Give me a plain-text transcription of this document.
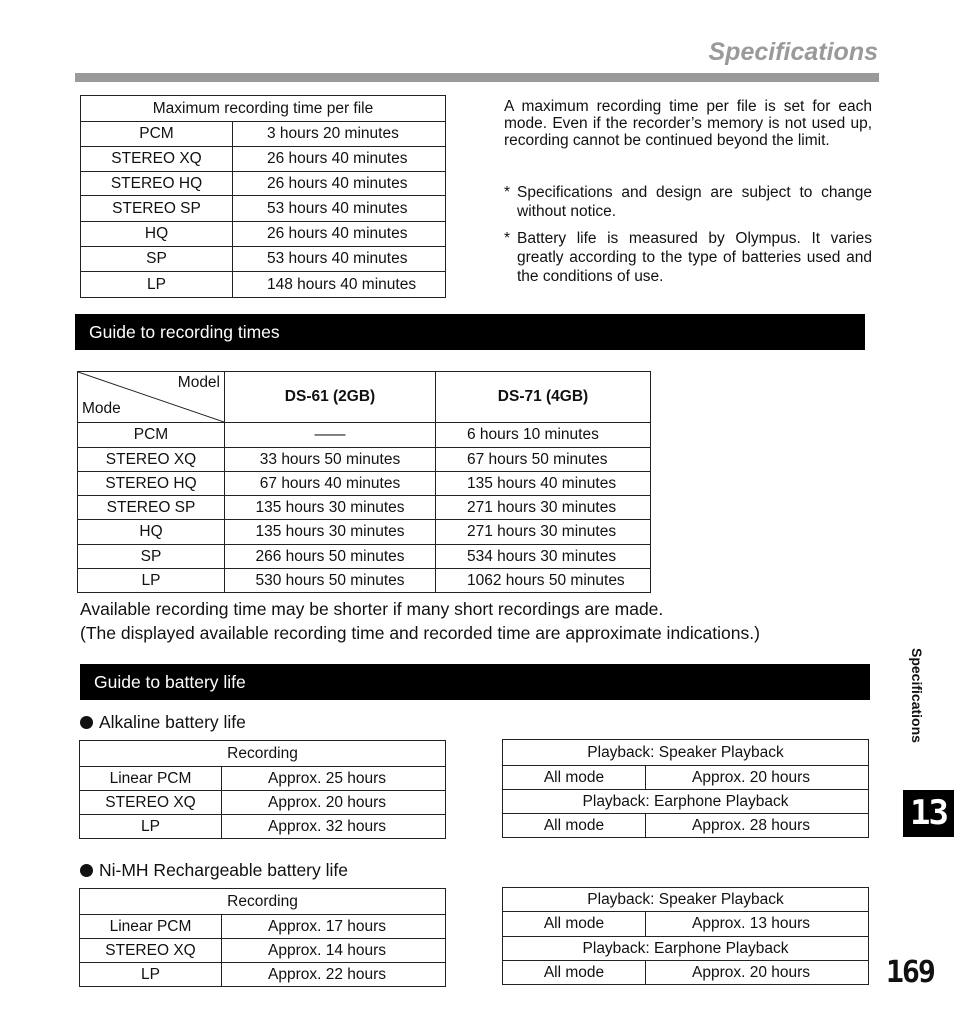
Specifications
Maximum recording time per file	
PCM	3 hours 20 minutes
STEREO XQ	26 hours 40 minutes
STEREO HQ	26 hours 40 minutes
STEREO SP	53 hours 40 minutes
HQ	26 hours 40 minutes
SP	53 hours 40 minutes
LP	148 hours 40 minutes
A maximum recording time per file is set for each mode. Even if the recorder’s memory is not used up, recording cannot be continued beyond the limit.
* Specifications and design are subject to change without notice.
* Battery life is measured by Olympus. It varies greatly according to the type of batteries used and the conditions of use.
Guide to recording times
Model
Mode	DS-61 (2GB)	DS-71 (4GB)
PCM	——	6 hours 10 minutes
STEREO XQ	33 hours 50 minutes	67 hours 50 minutes
STEREO HQ	67 hours 40 minutes	135 hours 40 minutes
STEREO SP	135 hours 30 minutes	271 hours 30 minutes
HQ	135 hours 30 minutes	271 hours 30 minutes
SP	266 hours 50 minutes	534 hours 30 minutes
LP	530 hours 50 minutes	1062 hours 50 minutes
Available recording time may be shorter if many short recordings are made.
(The displayed available recording time and recorded time are approximate indications.)
Guide to battery life
Alkaline battery life
Recording	
Linear PCM	Approx. 25 hours
STEREO XQ	Approx. 20 hours
LP	Approx. 32 hours
Playback: Speaker Playback	
All mode	Approx. 20 hours
Playback: Earphone Playback	
All mode	Approx. 28 hours
Ni-MH Rechargeable battery life
Recording	
Linear PCM	Approx. 17 hours
STEREO XQ	Approx. 14 hours
LP	Approx. 22 hours
Playback: Speaker Playback	
All mode	Approx. 13 hours
Playback: Earphone Playback	
All mode	Approx. 20 hours
Specifications
13
169
